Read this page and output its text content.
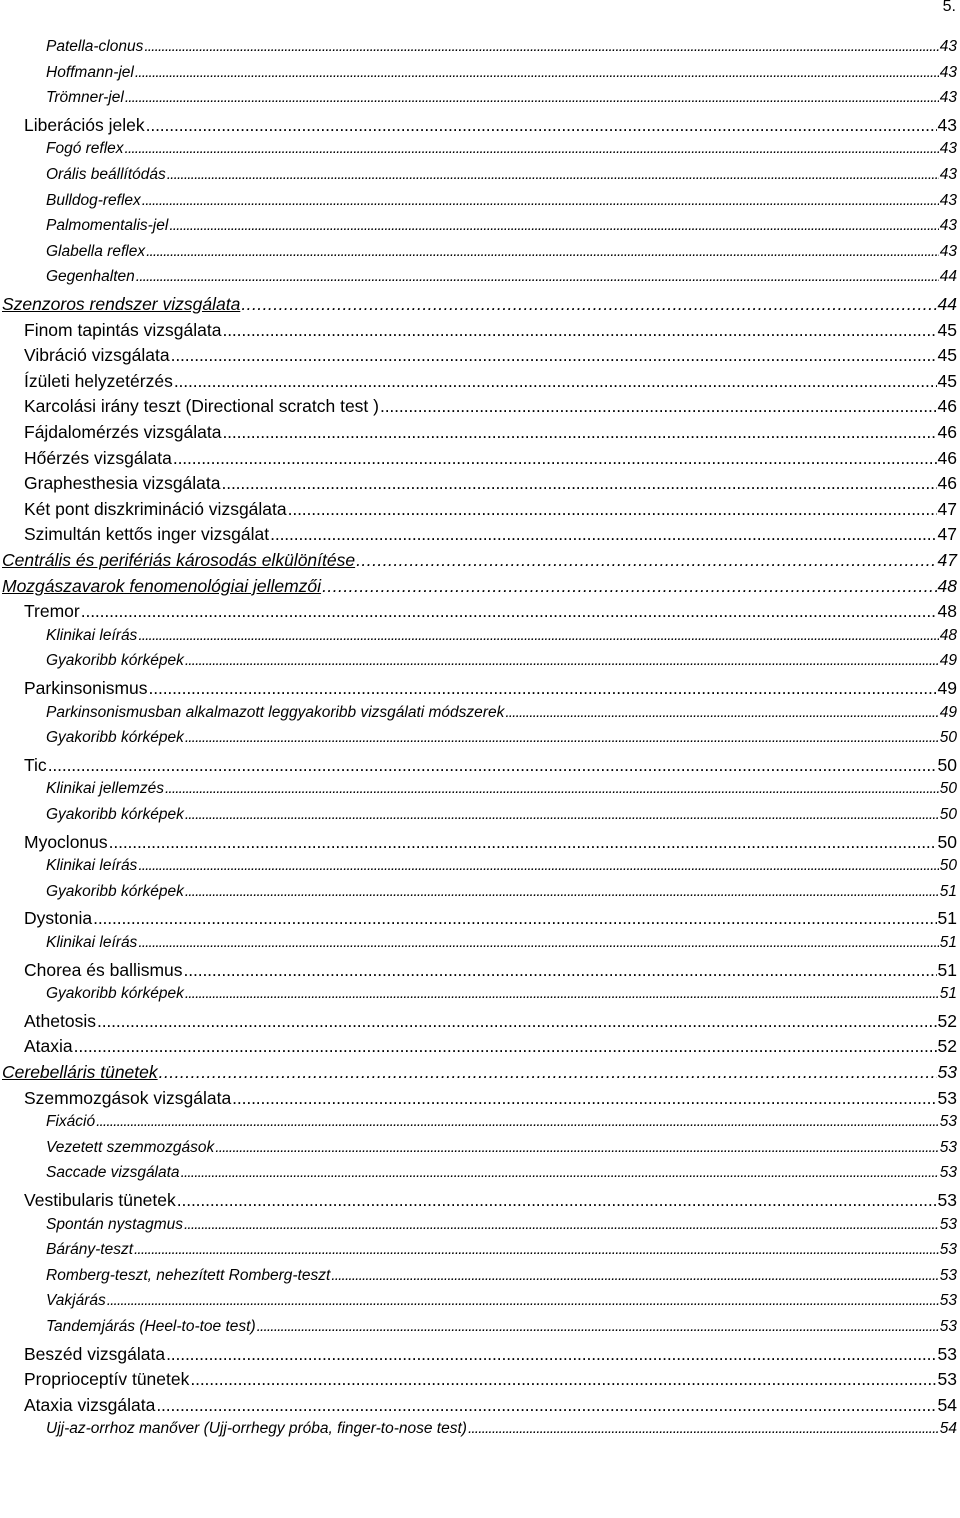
5.
Patella-clonus . . .	43
Hoffmann-jel . . .	43
Trömner-jel . . .	43
Liberációs jelek . . .	43
Fogó reflex . . .	43
Orális beállítódás . . .	43
Bulldog-reflex . . .	43
Palmomentalis-jel . . .	43
Glabella reflex . . .	43
Gegenhalten . . .	44
Szenzoros rendszer vizsgálata . . .	44
Finom tapintás vizsgálata . . .	45
Vibráció vizsgálata . . .	45
Ízületi helyzetérzés . . .	45
Karcolási irány teszt (Directional scratch test ) . . .	46
Fájdalomérzés vizsgálata . . .	46
Hőérzés vizsgálata . . .	46
Graphesthesia vizsgálata . . .	46
Két pont diszkrimináció vizsgálata . . .	47
Szimultán kettős inger vizsgálat . . .	47
Centrális és perifériás károsodás elkülönítése . . .	47
Mozgászavarok fenomenológiai jellemzői . . .	48
Tremor . . .	48
Klinikai leírás . . .	48
Gyakoribb kórképek . . .	49
Parkinsonismus . . .	49
Parkinsonismusban alkalmazott leggyakoribb vizsgálati módszerek . . .	49
Gyakoribb kórképek . . .	50
Tic . . .	50
Klinikai jellemzés . . .	50
Gyakoribb kórképek . . .	50
Myoclonus . . .	50
Klinikai leírás . . .	50
Gyakoribb kórképek . . .	51
Dystonia . . .	51
Klinikai leírás . . .	51
Chorea és ballismus . . .	51
Gyakoribb kórképek . . .	51
Athetosis . . .	52
Ataxia . . .	52
Cerebelláris tünetek . . .	53
Szemmozgások vizsgálata . . .	53
Fixáció . . .	53
Vezetett szemmozgások . . .	53
Saccade vizsgálata . . .	53
Vestibularis tünetek . . .	53
Spontán nystagmus . . .	53
Bárány-teszt . . .	53
Romberg-teszt, nehezített Romberg-teszt . . .	53
Vakjárás . . .	53
Tandemjárás (Heel-to-toe test) . . .	53
Beszéd vizsgálata . . .	53
Proprioceptív tünetek . . .	53
Ataxia vizsgálata . . .	54
Ujj-az-orrhoz manőver (Ujj-orrhegy próba, finger-to-nose test) . . .	54
